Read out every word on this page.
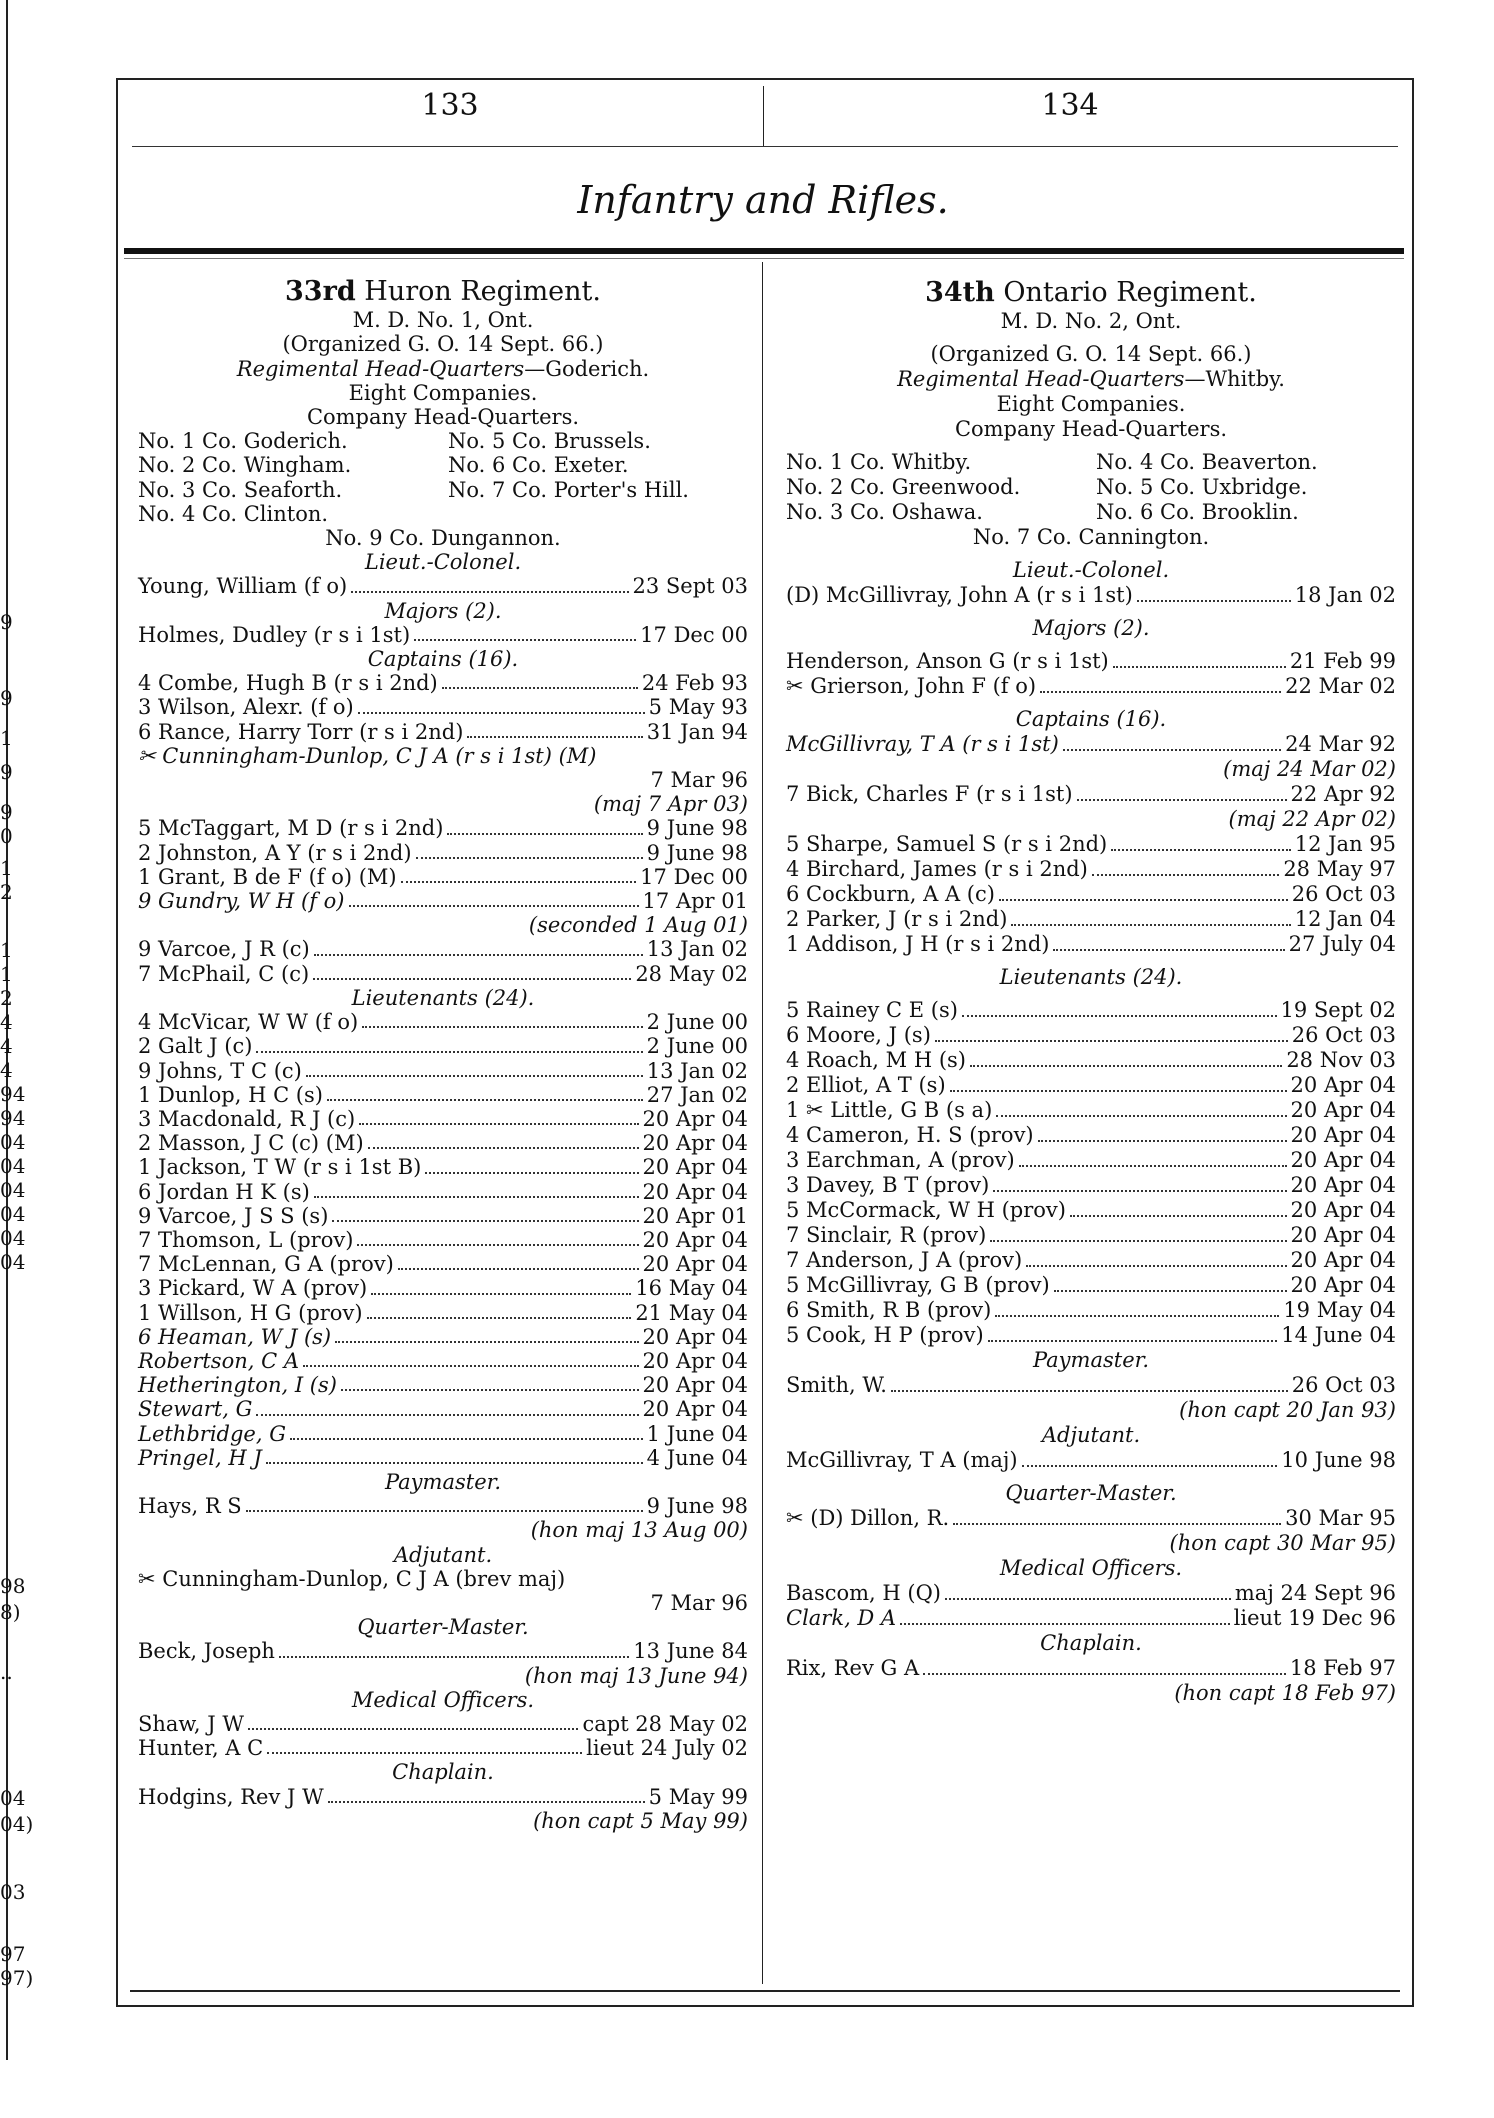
9
9
1
9
9
0
1
2
1
1
2
4
4
4
94
94
04
04
04
04
04
04
98
8)
..
04
04)
03
97
97)
133	134
Infantry and Rifles.
33rd Huron Regiment.
M. D. No. 1, Ont.
(Organized G. O. 14 Sept. 66.)
Regimental Head-Quarters—Goderich.
Eight Companies.
Company Head-Quarters.
No. 1 Co. Goderich.	No. 5 Co. Brussels.
No. 2 Co. Wingham.	No. 6 Co. Exeter.
No. 3 Co. Seaforth.	No. 7 Co. Porter's Hill.
No. 4 Co. Clinton.
No. 9 Co. Dungannon.
Lieut.-Colonel.
Young, William (f o)	23 Sept 03
Majors (2).
Holmes, Dudley (r s i 1st)	17 Dec 00
Captains (16).
4 Combe, Hugh B (r s i 2nd)	24 Feb 93
3 Wilson, Alexr. (f o)	5 May 93
6 Rance, Harry Torr (r s i 2nd)	31 Jan 94
✂ Cunningham-Dunlop, C J A (r s i 1st) (M)
7 Mar 96
(maj 7 Apr 03)
5 McTaggart, M D (r s i 2nd)	9 June 98
2 Johnston, A Y (r s i 2nd)	9 June 98
1 Grant, B de F (f o) (M)	17 Dec 00
9 Gundry, W H (f o)	17 Apr 01
(seconded 1 Aug 01)
9 Varcoe, J R (c)	13 Jan 02
7 McPhail, C (c)	28 May 02
Lieutenants (24).
4 McVicar, W W (f o)	2 June 00
2 Galt J (c)	2 June 00
9 Johns, T C (c)	13 Jan 02
1 Dunlop, H C (s)	27 Jan 02
3 Macdonald, R J (c)	20 Apr 04
2 Masson, J C (c) (M)	20 Apr 04
1 Jackson, T W (r s i 1st B)	20 Apr 04
6 Jordan H K (s)	20 Apr 04
9 Varcoe, J S S (s)	20 Apr 01
7 Thomson, L (prov)	20 Apr 04
7 McLennan, G A (prov)	20 Apr 04
3 Pickard, W A (prov)	16 May 04
1 Willson, H G (prov)	21 May 04
6 Heaman, W J (s)	20 Apr 04
Robertson, C A	20 Apr 04
Hetherington, I (s)	20 Apr 04
Stewart, G	20 Apr 04
Lethbridge, G	1 June 04
Pringel, H J	4 June 04
Paymaster.
Hays, R S	9 June 98
(hon maj 13 Aug 00)
Adjutant.
✂ Cunningham-Dunlop, C J A (brev maj)
7 Mar 96
Quarter-Master.
Beck, Joseph	13 June 84
(hon maj 13 June 94)
Medical Officers.
Shaw, J W	capt 28 May 02
Hunter, A C	lieut 24 July 02
Chaplain.
Hodgins, Rev J W	5 May 99
(hon capt 5 May 99)
34th Ontario Regiment.
M. D. No. 2, Ont.
(Organized G. O. 14 Sept. 66.)
Regimental Head-Quarters—Whitby.
Eight Companies.
Company Head-Quarters.
No. 1 Co. Whitby.	No. 4 Co. Beaverton.
No. 2 Co. Greenwood.	No. 5 Co. Uxbridge.
No. 3 Co. Oshawa.	No. 6 Co. Brooklin.
No. 7 Co. Cannington.
Lieut.-Colonel.
(D) McGillivray, John A (r s i 1st)	18 Jan 02
Majors (2).
Henderson, Anson G (r s i 1st)	21 Feb 99
✂ Grierson, John F (f o)	22 Mar 02
Captains (16).
McGillivray, T A (r s i 1st)	24 Mar 92
(maj 24 Mar 02)
7 Bick, Charles F (r s i 1st)	22 Apr 92
(maj 22 Apr 02)
5 Sharpe, Samuel S (r s i 2nd)	12 Jan 95
4 Birchard, James (r s i 2nd)	28 May 97
6 Cockburn, A A (c)	26 Oct 03
2 Parker, J (r s i 2nd)	12 Jan 04
1 Addison, J H (r s i 2nd)	27 July 04
Lieutenants (24).
5 Rainey C E (s)	19 Sept 02
6 Moore, J (s)	26 Oct 03
4 Roach, M H (s)	28 Nov 03
2 Elliot, A T (s)	20 Apr 04
1 ✂ Little, G B (s a)	20 Apr 04
4 Cameron, H. S (prov)	20 Apr 04
3 Earchman, A (prov)	20 Apr 04
3 Davey, B T (prov)	20 Apr 04
5 McCormack, W H (prov)	20 Apr 04
7 Sinclair, R (prov)	20 Apr 04
7 Anderson, J A (prov)	20 Apr 04
5 McGillivray, G B (prov)	20 Apr 04
6 Smith, R B (prov)	19 May 04
5 Cook, H P (prov)	14 June 04
Paymaster.
Smith, W.	26 Oct 03
(hon capt 20 Jan 93)
Adjutant.
McGillivray, T A (maj)	10 June 98
Quarter-Master.
✂ (D) Dillon, R.	30 Mar 95
(hon capt 30 Mar 95)
Medical Officers.
Bascom, H (Q)	maj 24 Sept 96
Clark, D A	lieut 19 Dec 96
Chaplain.
Rix, Rev G A	18 Feb 97
(hon capt 18 Feb 97)
